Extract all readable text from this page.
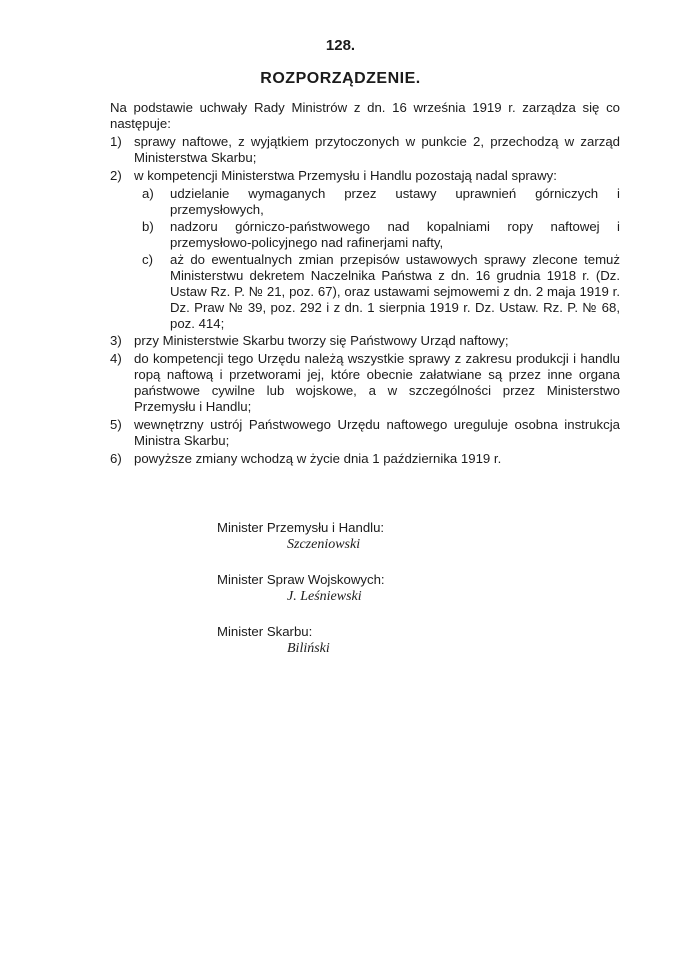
128.
ROZPORZĄDZENIE.

Na podstawie uchwały Rady Ministrów z dn. 16 września 1919 r. zarządza się co następuje:

1) sprawy naftowe, z wyjątkiem przytoczonych w punkcie 2, przechodzą w zarząd Ministerstwa Skarbu;
2) w kompetencji Ministerstwa Przemysłu i Handlu pozostają nadal sprawy:
a) udzielanie wymaganych przez ustawy uprawnień górniczych i przemysłowych,
b) nadzoru górniczo-państwowego nad kopalniami ropy naftowej i przemysłowo-policyjnego nad rafinerjami nafty,
c) aż do ewentualnych zmian przepisów ustawowych sprawy zlecone temuż Ministerstwu dekretem Naczelnika Państwa z dn. 16 grudnia 1918 r. (Dz. Ustaw Rz. P. № 21, poz. 67), oraz ustawami sejmowemi z dn. 2 maja 1919 r. Dz. Praw № 39, poz. 292 i z dn. 1 sierpnia 1919 r. Dz. Ustaw. Rz. P. № 68, poz. 414;
3) przy Ministerstwie Skarbu tworzy się Państwowy Urząd naftowy;
4) do kompetencji tego Urzędu należą wszystkie sprawy z zakresu produkcji i handlu ropą naftową i przetworami jej, które obecnie załatwiane są przez inne organa państwowe cywilne lub wojskowe, a w szczególności przez Ministerstwo Przemysłu i Handlu;
5) wewnętrzny ustrój Państwowego Urzędu naftowego ureguluje osobna instrukcja Ministra Skarbu;
6) powyższe zmiany wchodzą w życie dnia 1 października 1919 r.
Minister Przemysłu i Handlu:
Szczeniowski
Minister Spraw Wojskowych:
J. Leśniewski
Minister Skarbu:
Biliński
